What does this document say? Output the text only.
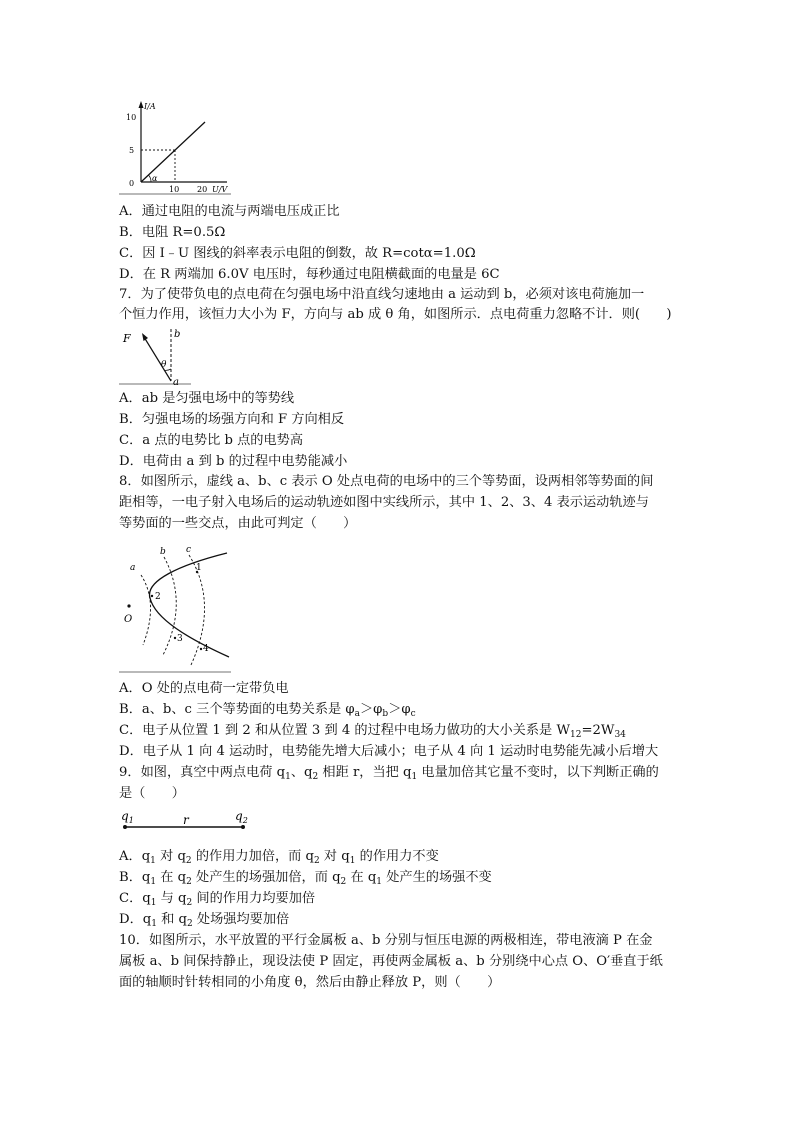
I/A
10
5
0
10 20 U/V
α
A．通过电阻的电流与两端电压成正比
B．电阻 R=0.5Ω
C．因 I﹣U 图线的斜率表示电阻的倒数，故 R=cotα=1.0Ω
D．在 R 两端加 6.0V 电压时，每秒通过电阻横截面的电量是 6C
7．为了使带负电的点电荷在匀强电场中沿直线匀速地由 a 运动到 b，必须对该电荷施加一
个恒力作用，该恒力大小为 F，方向与 ab 成 θ 角，如图所示．点电荷重力忽略不计．则(　　)
F	b
θ
a
A．ab 是匀强电场中的等势线
B．匀强电场的场强方向和 F 方向相反
C．a 点的电势比 b 点的电势高
D．电荷由 a 到 b 的过程中电势能减小
8．如图所示，虚线 a、b、c 表示 O 处点电荷的电场中的三个等势面，设两相邻等势面的间
距相等，一电子射入电场后的运动轨迹如图中实线所示，其中 1、2、3、4 表示运动轨迹与
等势面的一些交点，由此可判定（　　）
O
a
b c
1
2
3
4
A．O 处的点电荷一定带负电
B．a、b、c 三个等势面的电势关系是 $\varphi_a>\varphi_b>\varphi_c$
C．电子从位置 1 到 2 和从位置 3 到 4 的过程中电场力做功的大小关系是 $W_{12}=2W_{34}$
D．电子从 1 向 4 运动时，电势能先增大后减小；电子从 4 向 1 运动时电势能先减小后增大
9．如图，真空中两点电荷 $q_1$、$q_2$ 相距 r，当把 $q_1$ 电量加倍其它量不变时，以下判断正确的
是（　　）
$q_1$	r	$q_2$
A．$q_1$ 对 $q_2$ 的作用力加倍，而 $q_2$ 对 $q_1$ 的作用力不变
B．$q_1$ 在 $q_2$ 处产生的场强加倍，而 $q_2$ 在 $q_1$ 处产生的场强不变
C．$q_1$ 与 $q_2$ 间的作用力均要加倍
D．$q_1$ 和 $q_2$ 处场强均要加倍
10．如图所示，水平放置的平行金属板 a、b 分别与恒压电源的两极相连，带电液滴 P 在金
属板 a、b 间保持静止，现设法使 P 固定，再使两金属板 a、b 分别绕中心点 O、O′垂直于纸
面的轴顺时针转相同的小角度 θ，然后由静止释放 P，则（　　）
